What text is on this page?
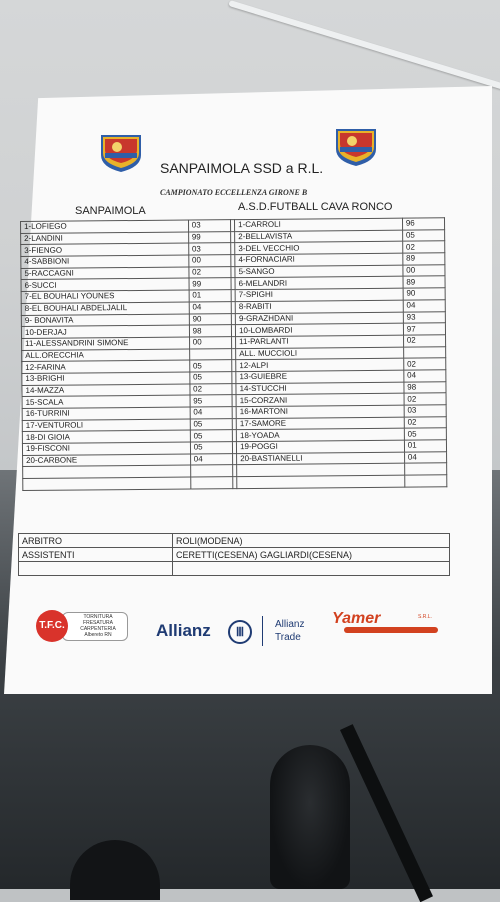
SANPAIMOLA SSD a R.L.
CAMPIONATO ECCELLENZA GIRONE B
SANPAIMOLA	A.S.D.FUTBALL CAVA RONCO
1-LOFIEGO	03		1-CARROLI	96
2-LANDINI	99		2-BELLAVISTA	05
3-FIENGO	03		3-DEL VECCHIO	02
4-SABBIONI	00		4-FORNACIARI	89
5-RACCAGNI	02		5-SANGO	00
6-SUCCI	99		6-MELANDRI	89
7-EL BOUHALI YOUNES	01		7-SPIGHI	90
8-EL BOUHALI ABDELJALIL	04		8-RABITI	04
9- BONAVITA	90		9-GRAZHDANI	93
10-DERJAJ	98		10-LOMBARDI	97
11-ALESSANDRINI SIMONE	00		11-PARLANTI	02
ALL.ORECCHIA			ALL. MUCCIOLI	
12-FARINA	05		12-ALPI	02
13-BRIGHI	05		13-GUIEBRE	04
14-MAZZA	02		14-STUCCHI	98
15-SCALA	95		15-CORZANI	02
16-TURRINI	04		16-MARTONI	03
17-VENTUROLI	05		17-SAMORE	02
18-DI GIOIA	05		18-YOADA	05
19-FISCONI	05		19-POGGI	01
20-CARBONE	04		20-BASTIANELLI	04

ARBITRO	ROLI(MODENA)
ASSISTENTI	CERETTI(CESENA) GAGLIARDI(CESENA)

TORNITURA FRESATURA CARPENTERIA
Albereto RN
T.F.C.	Allianz	Ⅲ
Allianz
Trade
Yamer	S.R.L.
